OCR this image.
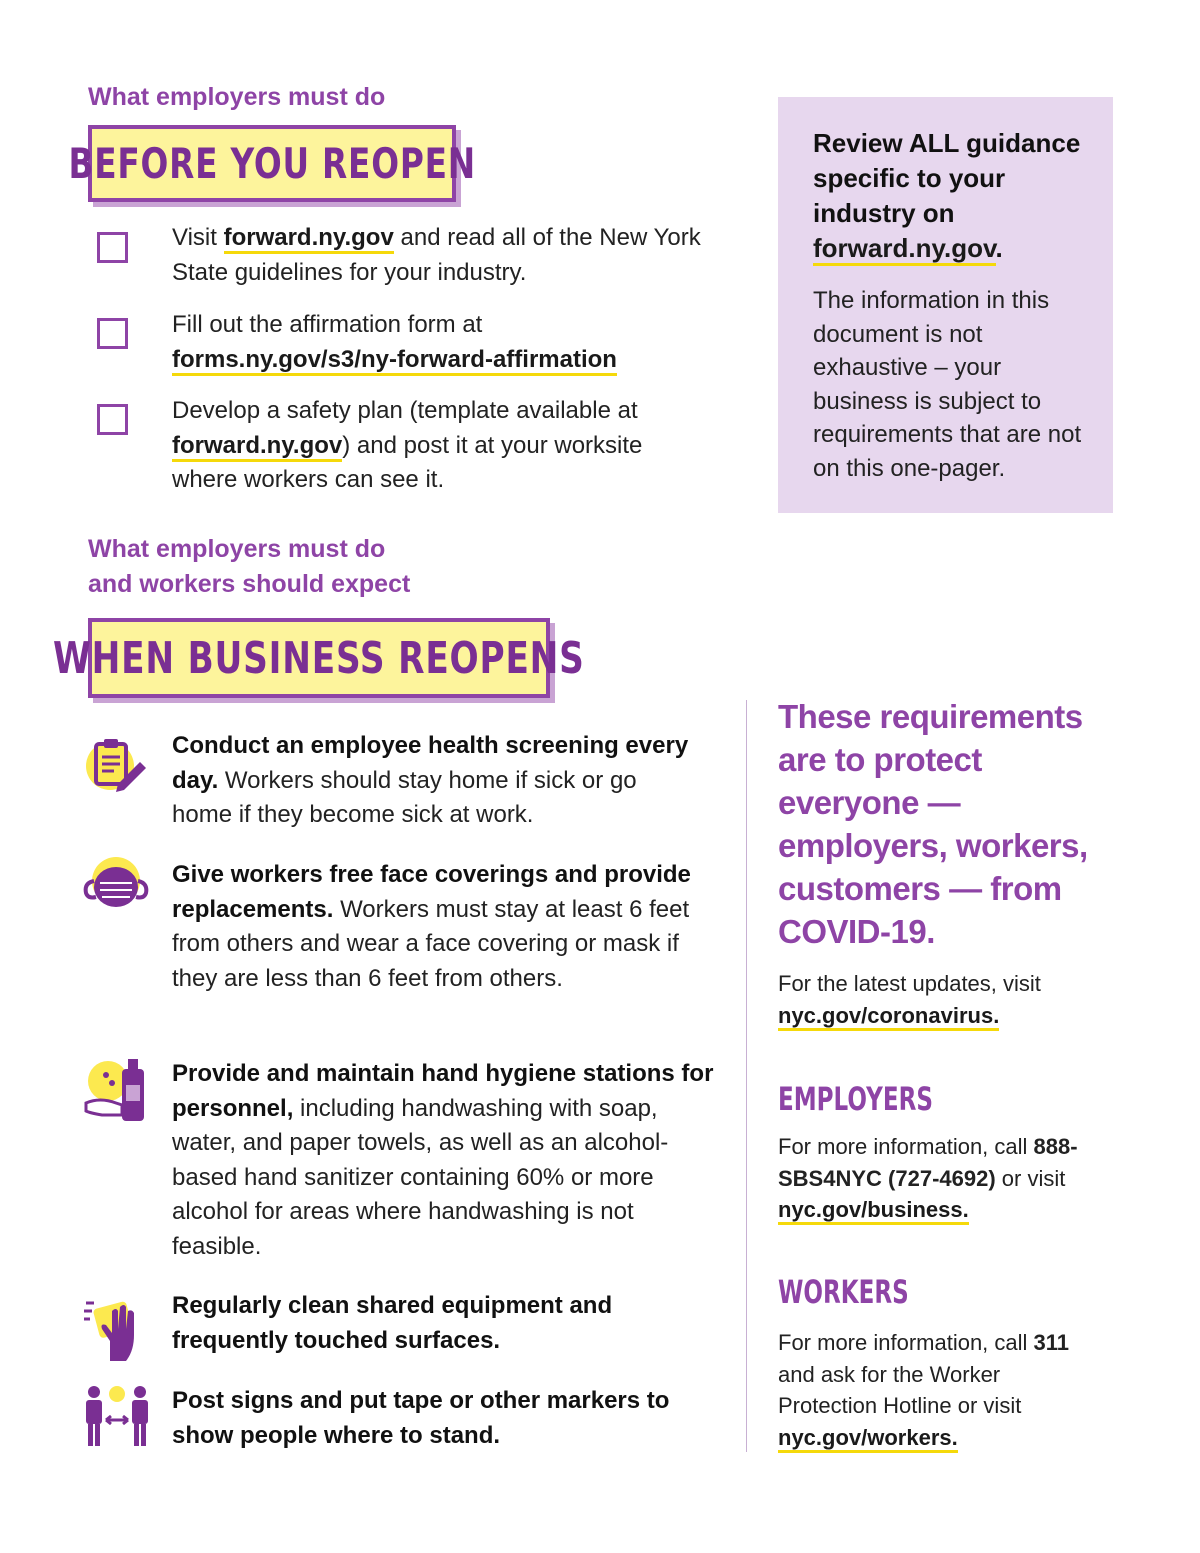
What employers must do
BEFORE YOU REOPEN
Visit forward.ny.gov and read all of the New York State guidelines for your industry.
Fill out the affirmation form at
forms.ny.gov/s3/ny-forward-affirmation
Develop a safety plan (template available at forward.ny.gov) and post it at your worksite where workers can see it.
Review ALL guidance specific to your industry on forward.ny.gov.
The information in this document is not exhaustive – your business is subject to requirements that are not on this one-pager.
What employers must do
and workers should expect
WHEN BUSINESS REOPENS
Conduct an employee health screening every day. Workers should stay home if sick or go home if they become sick at work.
Give workers free face coverings and provide replacements. Workers must stay at least 6 feet from others and wear a face covering or mask if they are less than 6 feet from others.
Provide and maintain hand hygiene stations for personnel, including handwashing with soap, water, and paper towels, as well as an alcohol-based hand sanitizer containing 60% or more alcohol for areas where handwashing is not feasible.
Regularly clean shared equipment and frequently touched surfaces.
Post signs and put tape or other markers to show people where to stand.
These requirements are to protect everyone — employers, workers, customers — from COVID-19.
For the latest updates, visit nyc.gov/coronavirus.
EMPLOYERS
For more information, call 888-SBS4NYC (727-4692) or visit nyc.gov/business.
WORKERS
For more information, call 311 and ask for the Worker Protection Hotline or visit nyc.gov/workers.
